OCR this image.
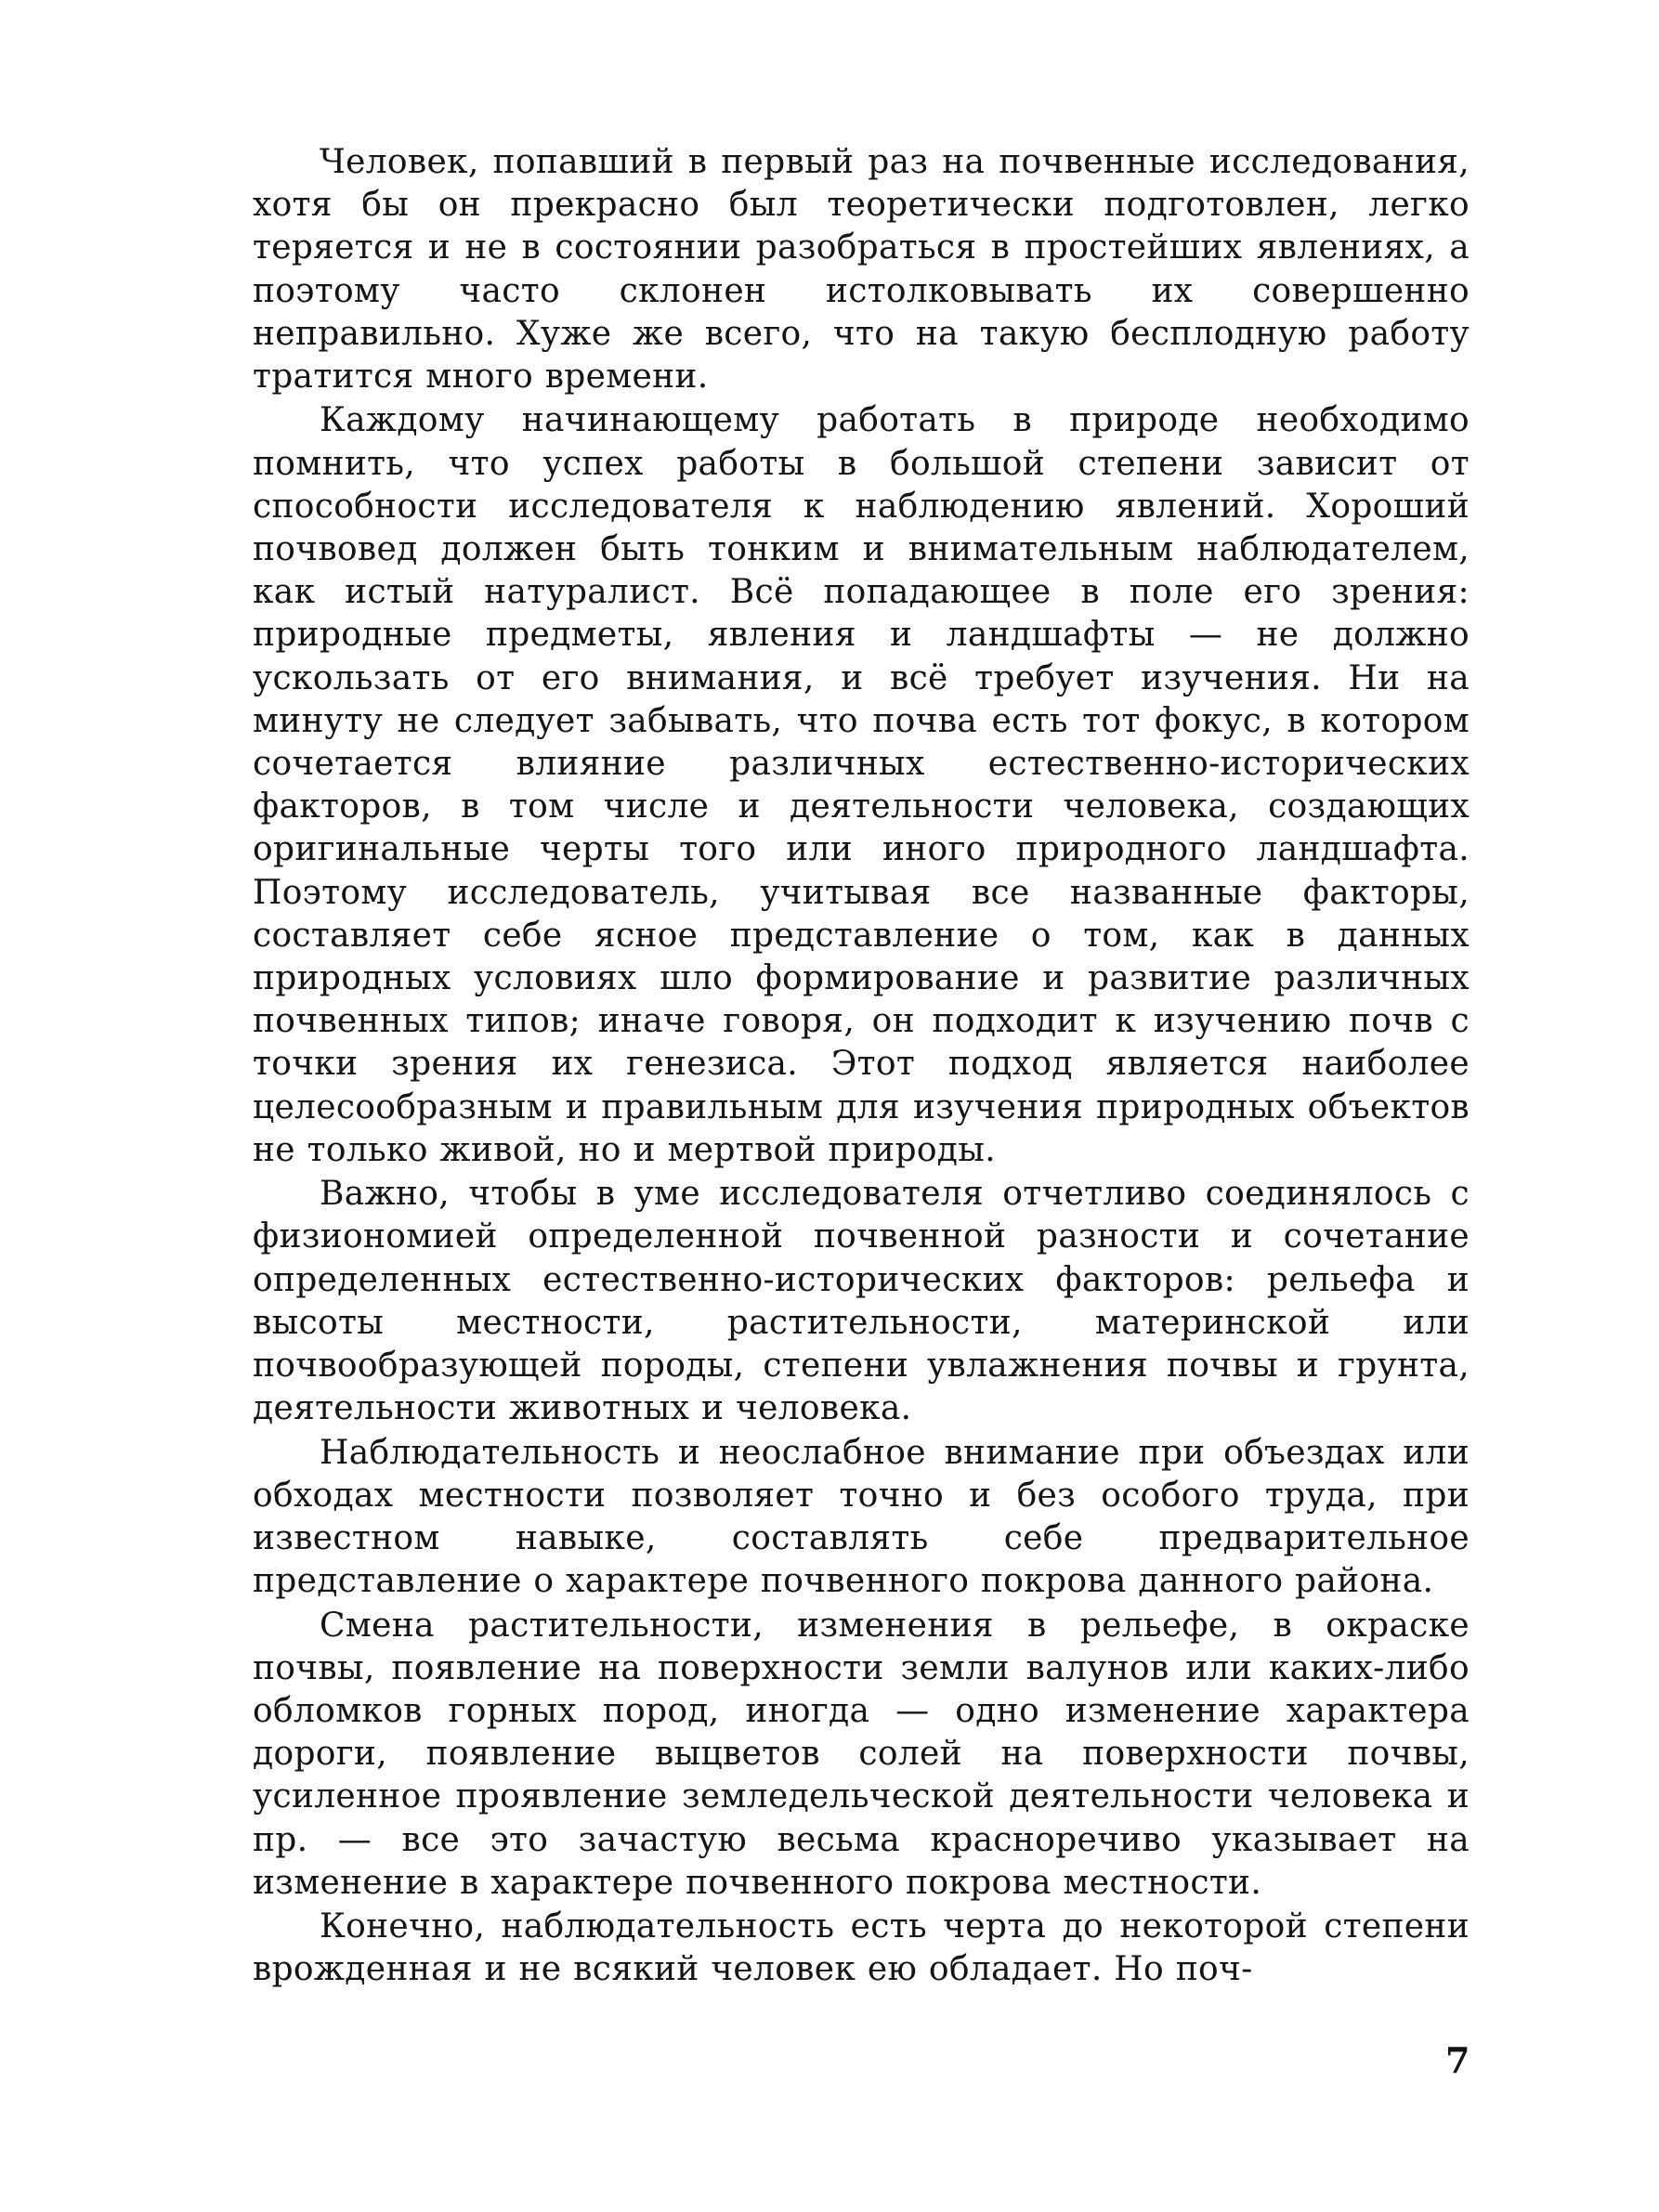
Человек, попавший в первый раз на почвенные исследования, хотя бы он прекрасно был теоретически подготовлен, легко теряется и не в состоянии разобраться в простейших явлениях, а поэтому часто склонен истолковывать их совершенно неправильно. Хуже же всего, что на такую бесплодную работу тратится много времени.

Каждому начинающему работать в природе необходимо помнить, что успех работы в большой степени зависит от способности исследователя к наблюдению явлений. Хороший почвовед должен быть тонким и внимательным наблюдателем, как истый натуралист. Всё попадающее в поле его зрения: природные предметы, явления и ландшафты — не должно ускользать от его внимания, и всё требует изучения. Ни на минуту не следует забывать, что почва есть тот фокус, в котором сочетается влияние различных естественно-исторических факторов, в том числе и деятельности человека, создающих оригинальные черты того или иного природного ландшафта. Поэтому исследователь, учитывая все названные факторы, составляет себе ясное представление о том, как в данных природных условиях шло формирование и развитие различных почвенных типов; иначе говоря, он подходит к изучению почв с точки зрения их генезиса. Этот подход является наиболее целесообразным и правильным для изучения природных объектов не только живой, но и мертвой природы.

Важно, чтобы в уме исследователя отчетливо соединялось с физиономией определенной почвенной разности и сочетание определенных естественно-исторических факторов: рельефа и высоты местности, растительности, материнской или почвообразующей породы, степени увлажнения почвы и грунта, деятельности животных и человека.

Наблюдательность и неослабное внимание при объездах или обходах местности позволяет точно и без особого труда, при известном навыке, составлять себе предварительное представление о характере почвенного покрова данного района.

Смена растительности, изменения в рельефе, в окраске почвы, появление на поверхности земли валунов или каких-либо обломков горных пород, иногда — одно изменение характера дороги, появление выцветов солей на поверхности почвы, усиленное проявление земледельческой деятельности человека и пр. — все это зачастую весьма красноречиво указывает на изменение в характере почвенного покрова местности.

Конечно, наблюдательность есть черта до некоторой степени врожденная и не всякий человек ею обладает. Но поч-

7
